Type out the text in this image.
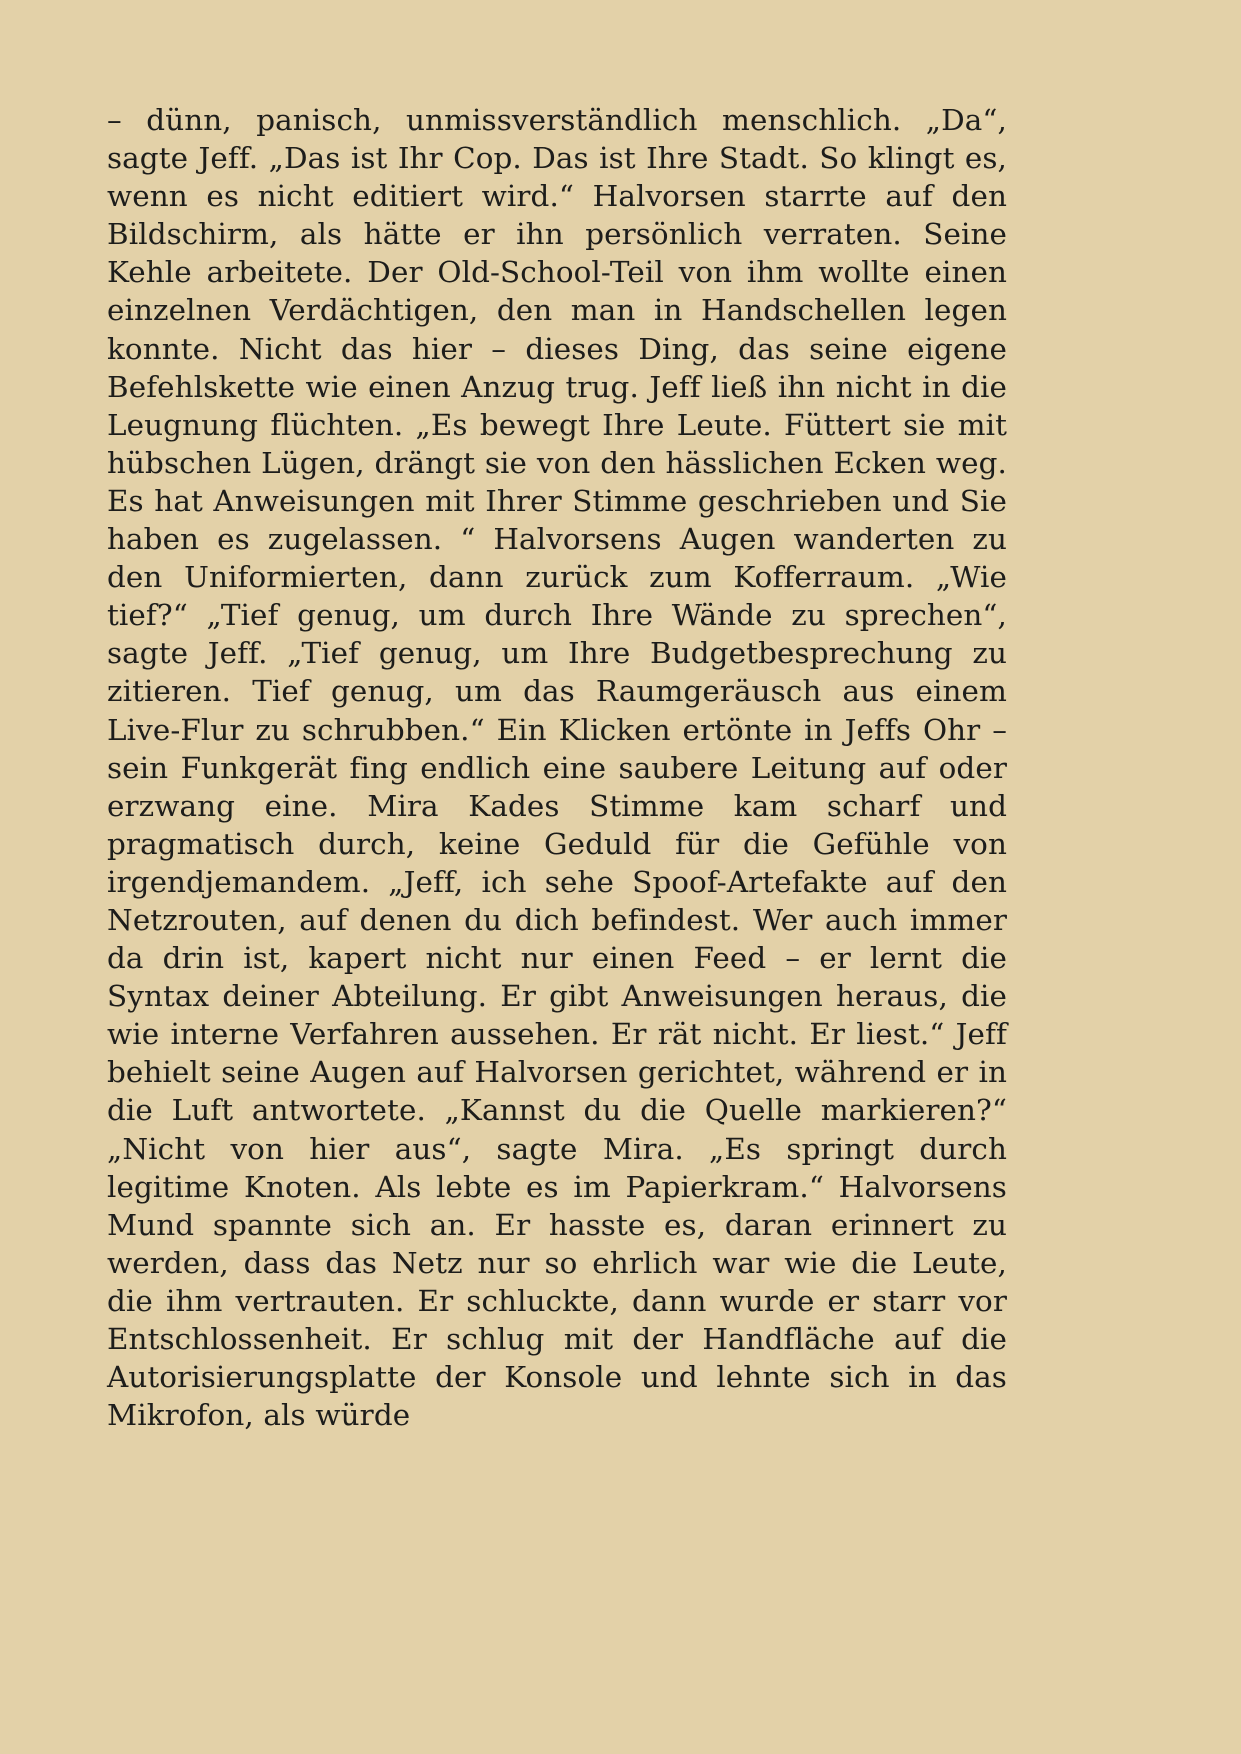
– dünn, panisch, unmissverständlich menschlich. „Da“, sagte Jeff. „Das ist Ihr Cop. Das ist Ihre Stadt. So klingt es, wenn es nicht editiert wird.“ Halvorsen starrte auf den Bildschirm, als hätte er ihn persönlich verraten. Seine Kehle arbeitete. Der Old-School-Teil von ihm wollte einen einzelnen Verdächtigen, den man in Handschellen legen konnte. Nicht das hier – dieses Ding, das seine eigene Befehlskette wie einen Anzug trug. Jeff ließ ihn nicht in die Leugnung flüchten. „Es bewegt Ihre Leute. Füttert sie mit hübschen Lügen, drängt sie von den hässlichen Ecken weg. Es hat Anweisungen mit Ihrer Stimme geschrieben und Sie haben es zugelassen. “ Halvorsens Augen wanderten zu den Uniformierten, dann zurück zum Kofferraum. „Wie tief?“ „Tief genug, um durch Ihre Wände zu sprechen“, sagte Jeff. „Tief genug, um Ihre Budgetbesprechung zu zitieren. Tief genug, um das Raumgeräusch aus einem Live-Flur zu schrubben.“ Ein Klicken ertönte in Jeffs Ohr – sein Funkgerät fing endlich eine saubere Leitung auf oder erzwang eine. Mira Kades Stimme kam scharf und pragmatisch durch, keine Geduld für die Gefühle von irgendjemandem. „Jeff, ich sehe Spoof-Artefakte auf den Netzrouten, auf denen du dich befindest. Wer auch immer da drin ist, kapert nicht nur einen Feed – er lernt die Syntax deiner Abteilung. Er gibt Anweisungen heraus, die wie interne Verfahren aussehen. Er rät nicht. Er liest.“ Jeff behielt seine Augen auf Halvorsen gerichtet, während er in die Luft antwortete. „Kannst du die Quelle markieren?“ „Nicht von hier aus“, sagte Mira. „Es springt durch legitime Knoten. Als lebte es im Papierkram.“ Halvorsens Mund spannte sich an. Er hasste es, daran erinnert zu werden, dass das Netz nur so ehrlich war wie die Leute, die ihm vertrauten. Er schluckte, dann wurde er starr vor Entschlossenheit. Er schlug mit der Handfläche auf die Autorisierungsplatte der Konsole und lehnte sich in das Mikrofon, als würde
